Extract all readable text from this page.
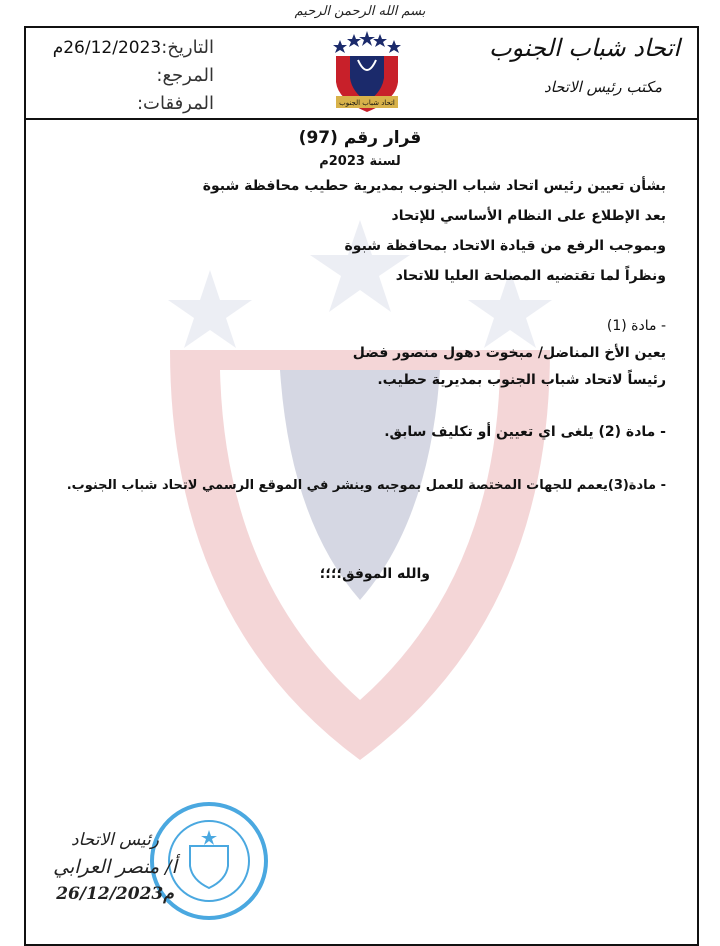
بسم الله الرحمن الرحيم
اتحاد شباب الجنوب
مكتب رئيس الاتحاد
التاريخ:26/12/2023م
المرجع:
المرفقات:	اتحاد شباب الجنوب
قرار رقم (97)
لسنة 2023م
بشأن تعيين رئيس اتحاد شباب الجنوب بمديرية حطيب محافظة شبوة
بعد الإطلاع على النظام الأساسي للإتحاد
وبموجب الرفع من قيادة الاتحاد بمحافظة شبوة
ونظراً لما تقتضيه المصلحة العليا للاتحاد
- مادة (1)
يعين الأخ المناضل/ مبخوت دهول منصور فضل
رئيساً لاتحاد شباب الجنوب بمديرية حطيب.
- مادة (2) يلغى اي تعيين أو تكليف سابق.
- مادة(3)يعمم للجهات المختصة للعمل بموجبه وينشر في الموقع الرسمي لاتحاد شباب الجنوب.
والله الموفق؛؛؛؛
رئيس الاتحاد
أ/ منصر العرابي
26/12/2023م
